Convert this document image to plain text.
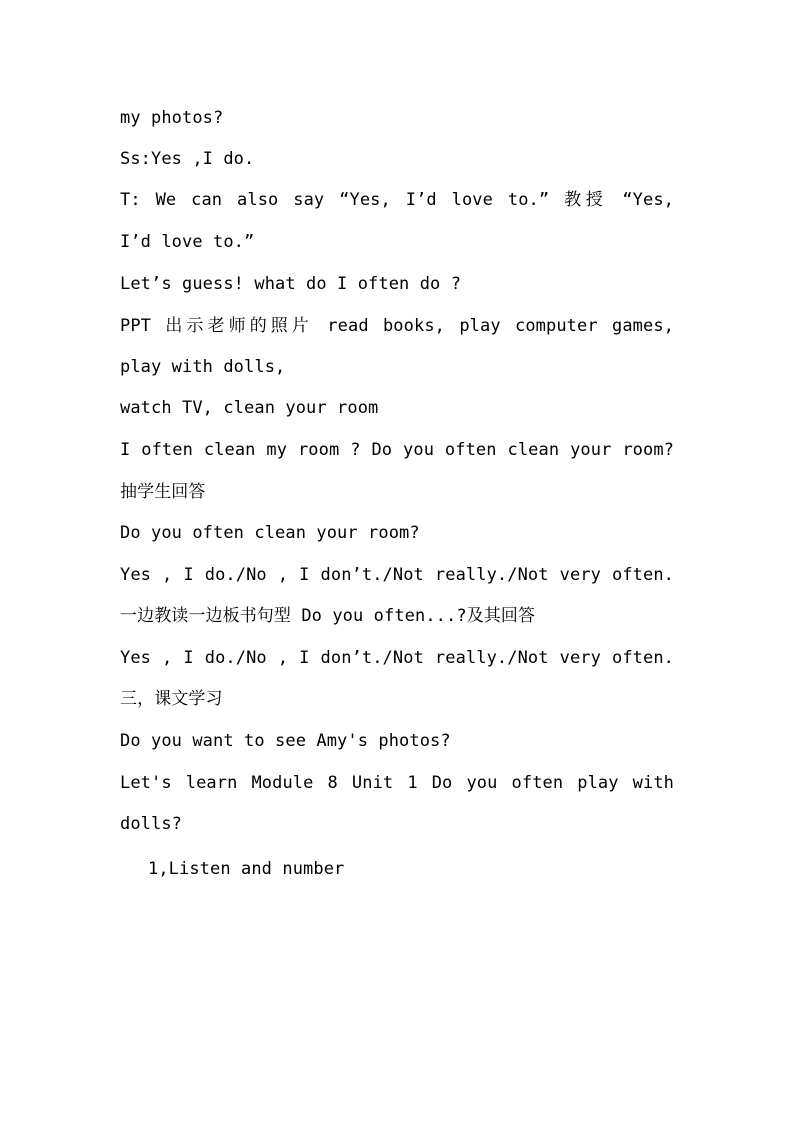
my photos?
Ss:Yes ,I do.
T: We can also say “Yes, I’d love to.” 教授 “Yes,
I’d love to.”
Let’s guess! what do I often do ?
PPT 出示老师的照片 read books, play computer games,
play with dolls,
watch TV, clean your room
I often clean my room ? Do you often clean your room?
抽学生回答
Do you often clean your room?
Yes , I do./No , I don’t./Not really./Not very often.
一边教读一边板书句型 Do you often...?及其回答
Yes , I do./No , I don’t./Not really./Not very often.
三，课文学习
Do you want to see Amy's photos?
Let's learn Module 8 Unit 1 Do you often play with
dolls?
1,Listen and number
